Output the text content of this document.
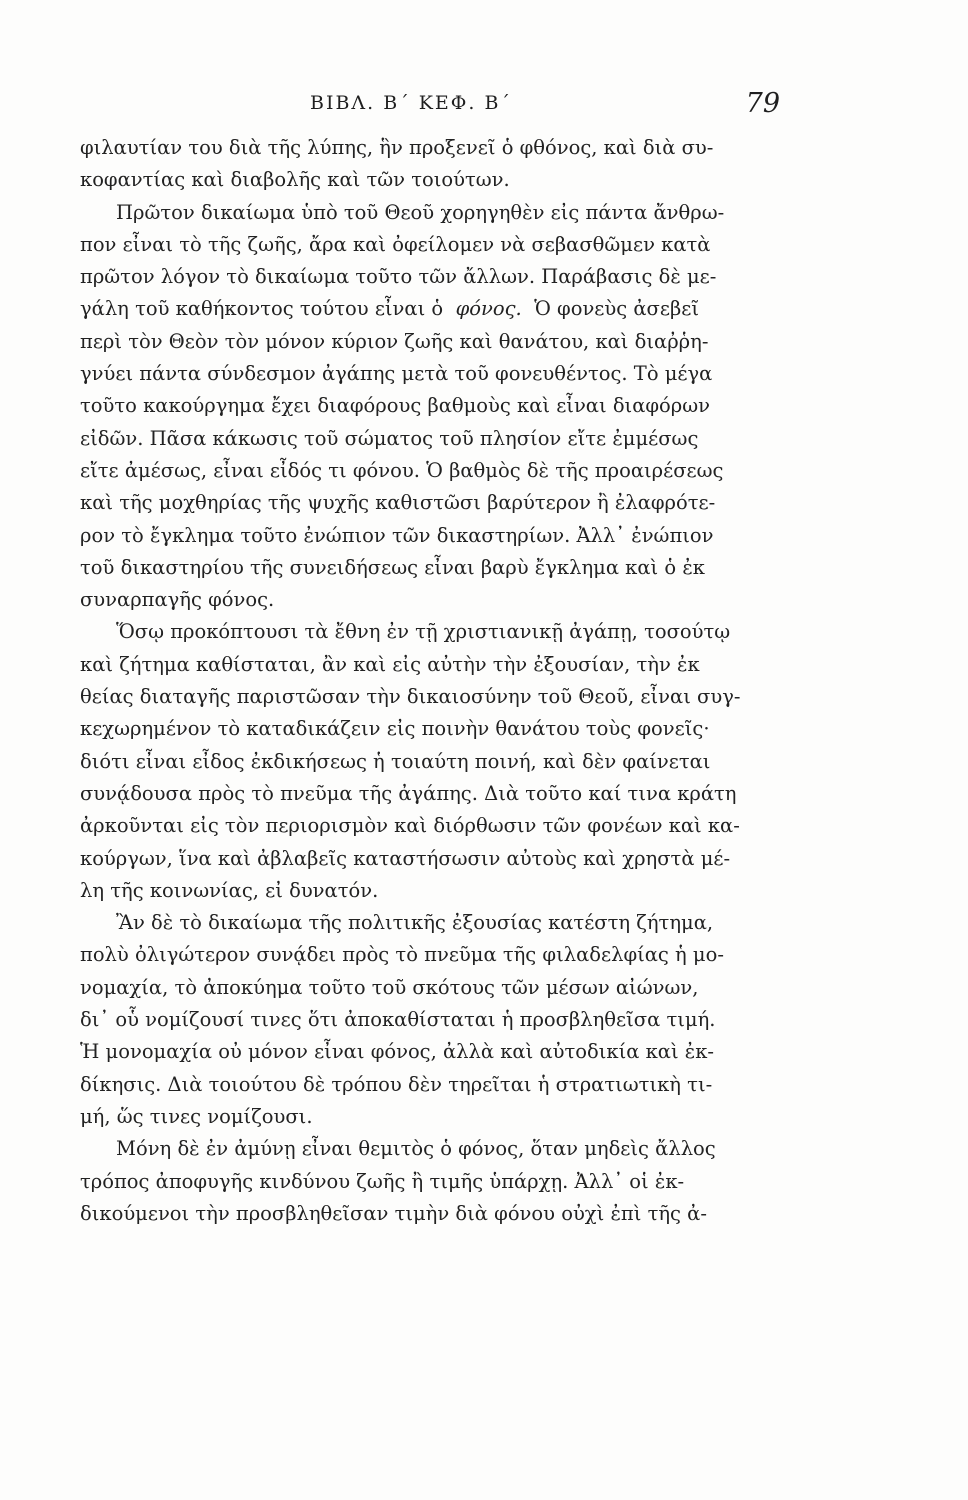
ΒΙΒΛ. Β΄ ΚΕΦ. Β΄	79
φιλαυτίαν του διὰ τῆς λύπης, ἣν προξενεῖ ὁ φθόνος, καὶ διὰ συ-
κοφαντίας καὶ διαβολῆς καὶ τῶν τοιούτων.
Πρῶτον δικαίωμα ὑπὸ τοῦ Θεοῦ χορηγηθὲν εἰς πάντα ἄνθρω-
πον εἶναι τὸ τῆς ζωῆς, ἄρα καὶ ὀφείλομεν νὰ σεβασθῶμεν κατὰ
πρῶτον λόγον τὸ δικαίωμα τοῦτο τῶν ἄλλων. Παράβασις δὲ με-
γάλη τοῦ καθήκοντος τούτου εἶναι ὁ φόνος. Ὁ φονεὺς ἀσεβεῖ
περὶ τὸν Θεὸν τὸν μόνον κύριον ζωῆς καὶ θανάτου, καὶ διαῤῥη-
γνύει πάντα σύνδεσμον ἀγάπης μετὰ τοῦ φονευθέντος. Τὸ μέγα
τοῦτο κακούργημα ἔχει διαφόρους βαθμοὺς καὶ εἶναι διαφόρων
εἰδῶν. Πᾶσα κάκωσις τοῦ σώματος τοῦ πλησίον εἴτε ἐμμέσως
εἴτε ἀμέσως, εἶναι εἶδός τι φόνου. Ὁ βαθμὸς δὲ τῆς προαιρέσεως
καὶ τῆς μοχθηρίας τῆς ψυχῆς καθιστῶσι βαρύτερον ἢ ἐλαφρότε-
ρον τὸ ἔγκλημα τοῦτο ἐνώπιον τῶν δικαστηρίων. Ἀλλ᾽ ἐνώπιον
τοῦ δικαστηρίου τῆς συνειδήσεως εἶναι βαρὺ ἔγκλημα καὶ ὁ ἐκ
συναρπαγῆς φόνος.
Ὅσῳ προκόπτουσι τὰ ἔθνη ἐν τῇ χριστιανικῇ ἀγάπῃ, τοσούτῳ
καὶ ζήτημα καθίσταται, ἂν καὶ εἰς αὐτὴν τὴν ἐξουσίαν, τὴν ἐκ
θείας διαταγῆς παριστῶσαν τὴν δικαιοσύνην τοῦ Θεοῦ, εἶναι συγ-
κεχωρημένον τὸ καταδικάζειν εἰς ποινὴν θανάτου τοὺς φονεῖς·
διότι εἶναι εἶδος ἐκδικήσεως ἡ τοιαύτη ποινή, καὶ δὲν φαίνεται
συνᾴδουσα πρὸς τὸ πνεῦμα τῆς ἀγάπης. Διὰ τοῦτο καί τινα κράτη
ἀρκοῦνται εἰς τὸν περιορισμὸν καὶ διόρθωσιν τῶν φονέων καὶ κα-
κούργων, ἵνα καὶ ἀβλαβεῖς καταστήσωσιν αὐτοὺς καὶ χρηστὰ μέ-
λη τῆς κοινωνίας, εἰ δυνατόν.
Ἂν δὲ τὸ δικαίωμα τῆς πολιτικῆς ἐξουσίας κατέστη ζήτημα,
πολὺ ὀλιγώτερον συνᾴδει πρὸς τὸ πνεῦμα τῆς φιλαδελφίας ἡ μο-
νομαχία, τὸ ἀποκύημα τοῦτο τοῦ σκότους τῶν μέσων αἰώνων,
δι᾽ οὗ νομίζουσί τινες ὅτι ἀποκαθίσταται ἡ προσβληθεῖσα τιμή.
Ἡ μονομαχία οὐ μόνον εἶναι φόνος, ἀλλὰ καὶ αὐτοδικία καὶ ἐκ-
δίκησις. Διὰ τοιούτου δὲ τρόπου δὲν τηρεῖται ἡ στρατιωτικὴ τι-
μή, ὥς τινες νομίζουσι.
Μόνη δὲ ἐν ἀμύνῃ εἶναι θεμιτὸς ὁ φόνος, ὅταν μηδεὶς ἄλλος
τρόπος ἀποφυγῆς κινδύνου ζωῆς ἢ τιμῆς ὑπάρχῃ. Ἀλλ᾽ οἱ ἐκ-
δικούμενοι τὴν προσβληθεῖσαν τιμὴν διὰ φόνου οὐχὶ ἐπὶ τῆς ἀ-
